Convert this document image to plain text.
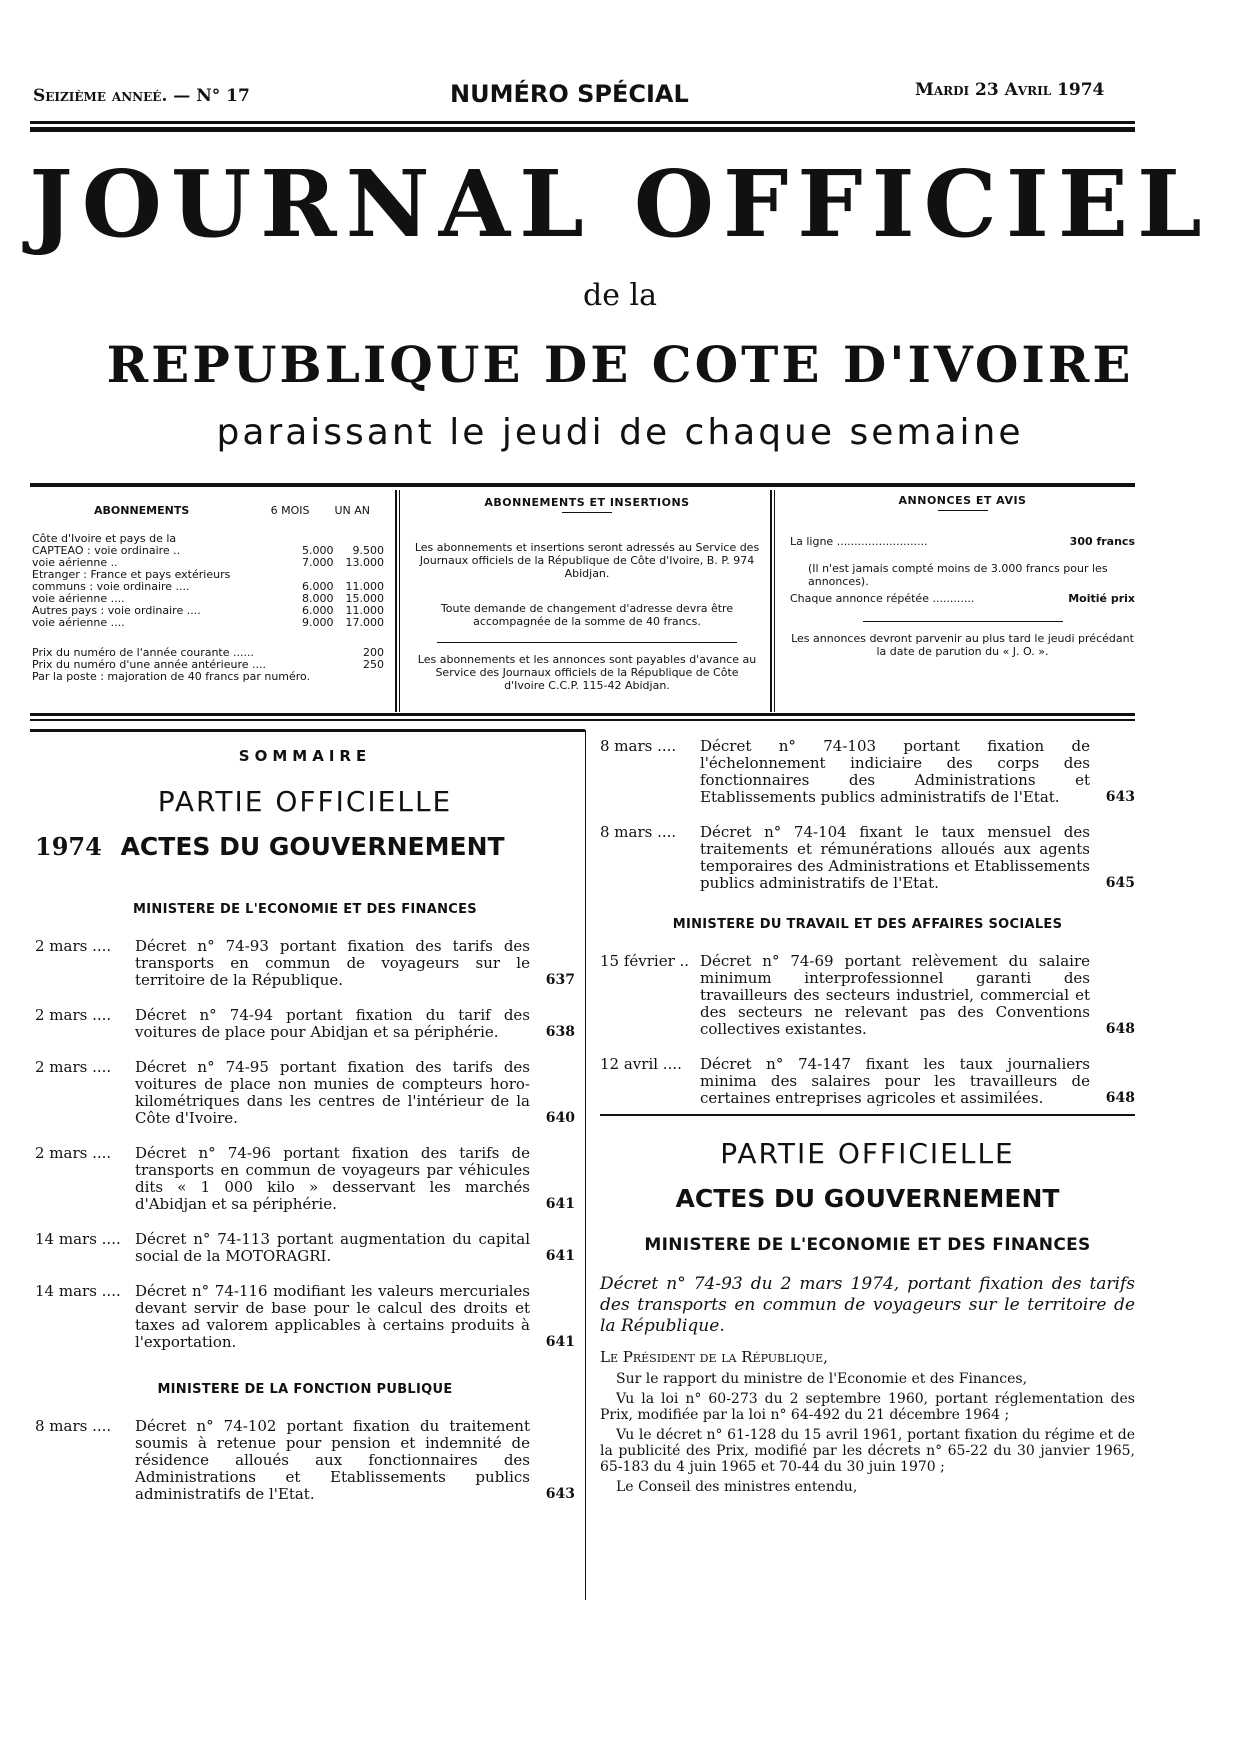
Seizième anneé. — N° 17	NUMÉRO SPÉCIAL	Mardi 23 Avril 1974
JOURNAL OFFICIEL
de la
REPUBLIQUE DE COTE D'IVOIRE
paraissant le jeudi de chaque semaine
ABONNEMENTS	6 MOIS UN AN
Côte d'Ivoire et pays de la		
CAPTEAO : voie ordinaire ..	5.000	9.500
voie aérienne ..	7.000	13.000
Etranger : France et pays extérieurs		
communs : voie ordinaire ....	6.000	11.000
voie aérienne ....	8.000	15.000
Autres pays : voie ordinaire ....	6.000	11.000
voie aérienne ....	9.000	17.000
Prix du numéro de l'année courante ......	200
Prix du numéro d'une année antérieure ....	250
Par la poste : majoration de 40 francs par numéro.	
ABONNEMENTS ET INSERTIONS

Les abonnements et insertions seront adressés au Service des Journaux officiels de la République de Côte d'Ivoire, B. P. 974 Abidjan.

Toute demande de changement d'adresse devra être accompagnée de la somme de 40 francs.

Les abonnements et les annonces sont payables d'avance au Service des Journaux officiels de la République de Côte d'Ivoire C.C.P. 115-42 Abidjan.

ANNONCES ET AVIS
La ligne ..........................	300 francs

(Il n'est jamais compté moins de 3.000 francs pour les annonces).

Chaque annonce répétée ............	Moitié prix

Les annonces devront parvenir au plus tard le jeudi précédant la date de parution du « J. O. ».

SOMMAIRE
PARTIE OFFICIELLE
1974 ACTES DU GOUVERNEMENT
MINISTERE DE L'ECONOMIE ET DES FINANCES
2 mars .... Décret n° 74-93 portant fixation des tarifs des transports en commun de voyageurs sur le territoire de la République.	637
2 mars .... Décret n° 74-94 portant fixation du tarif des voitures de place pour Abidjan et sa périphérie.	638
2 mars .... Décret n° 74-95 portant fixation des tarifs des voitures de place non munies de compteurs horo-kilométriques dans les centres de l'intérieur de la Côte d'Ivoire.	640
2 mars .... Décret n° 74-96 portant fixation des tarifs de transports en commun de voyageurs par véhicules dits « 1 000 kilo » desservant les marchés d'Abidjan et sa périphérie.	641
14 mars .... Décret n° 74-113 portant augmentation du capital social de la MOTORAGRI.	641
14 mars .... Décret n° 74-116 modifiant les valeurs mercuriales devant servir de base pour le calcul des droits et taxes ad valorem applicables à certains produits à l'exportation.	641
MINISTERE DE LA FONCTION PUBLIQUE
8 mars .... Décret n° 74-102 portant fixation du traitement soumis à retenue pour pension et indemnité de résidence alloués aux fonctionnaires des Administrations et Etablissements publics administratifs de l'Etat.	643
8 mars .... Décret n° 74-103 portant fixation de l'échelonnement indiciaire des corps des fonctionnaires des Administrations et Etablissements publics administratifs de l'Etat.	643
8 mars .... Décret n° 74-104 fixant le taux mensuel des traitements et rémunérations alloués aux agents temporaires des Administrations et Etablissements publics administratifs de l'Etat.	645
MINISTERE DU TRAVAIL ET DES AFFAIRES SOCIALES
15 février .. Décret n° 74-69 portant relèvement du salaire minimum interprofessionnel garanti des travailleurs des secteurs industriel, commercial et des secteurs ne relevant pas des Conventions collectives existantes.	648
12 avril .... Décret n° 74-147 fixant les taux journaliers minima des salaires pour les travailleurs de certaines entreprises agricoles et assimilées.	648
PARTIE OFFICIELLE
ACTES DU GOUVERNEMENT
MINISTERE DE L'ECONOMIE ET DES FINANCES
Décret n° 74-93 du 2 mars 1974, portant fixation des tarifs des transports en commun de voyageurs sur le territoire de la République.
Le Président de la République,
Sur le rapport du ministre de l'Economie et des Finances,
Vu la loi n° 60-273 du 2 septembre 1960, portant réglementation des Prix, modifiée par la loi n° 64-492 du 21 décembre 1964 ;
Vu le décret n° 61-128 du 15 avril 1961, portant fixation du régime et de la publicité des Prix, modifié par les décrets n° 65-22 du 30 janvier 1965, 65-183 du 4 juin 1965 et 70-44 du 30 juin 1970 ;
Le Conseil des ministres entendu,
